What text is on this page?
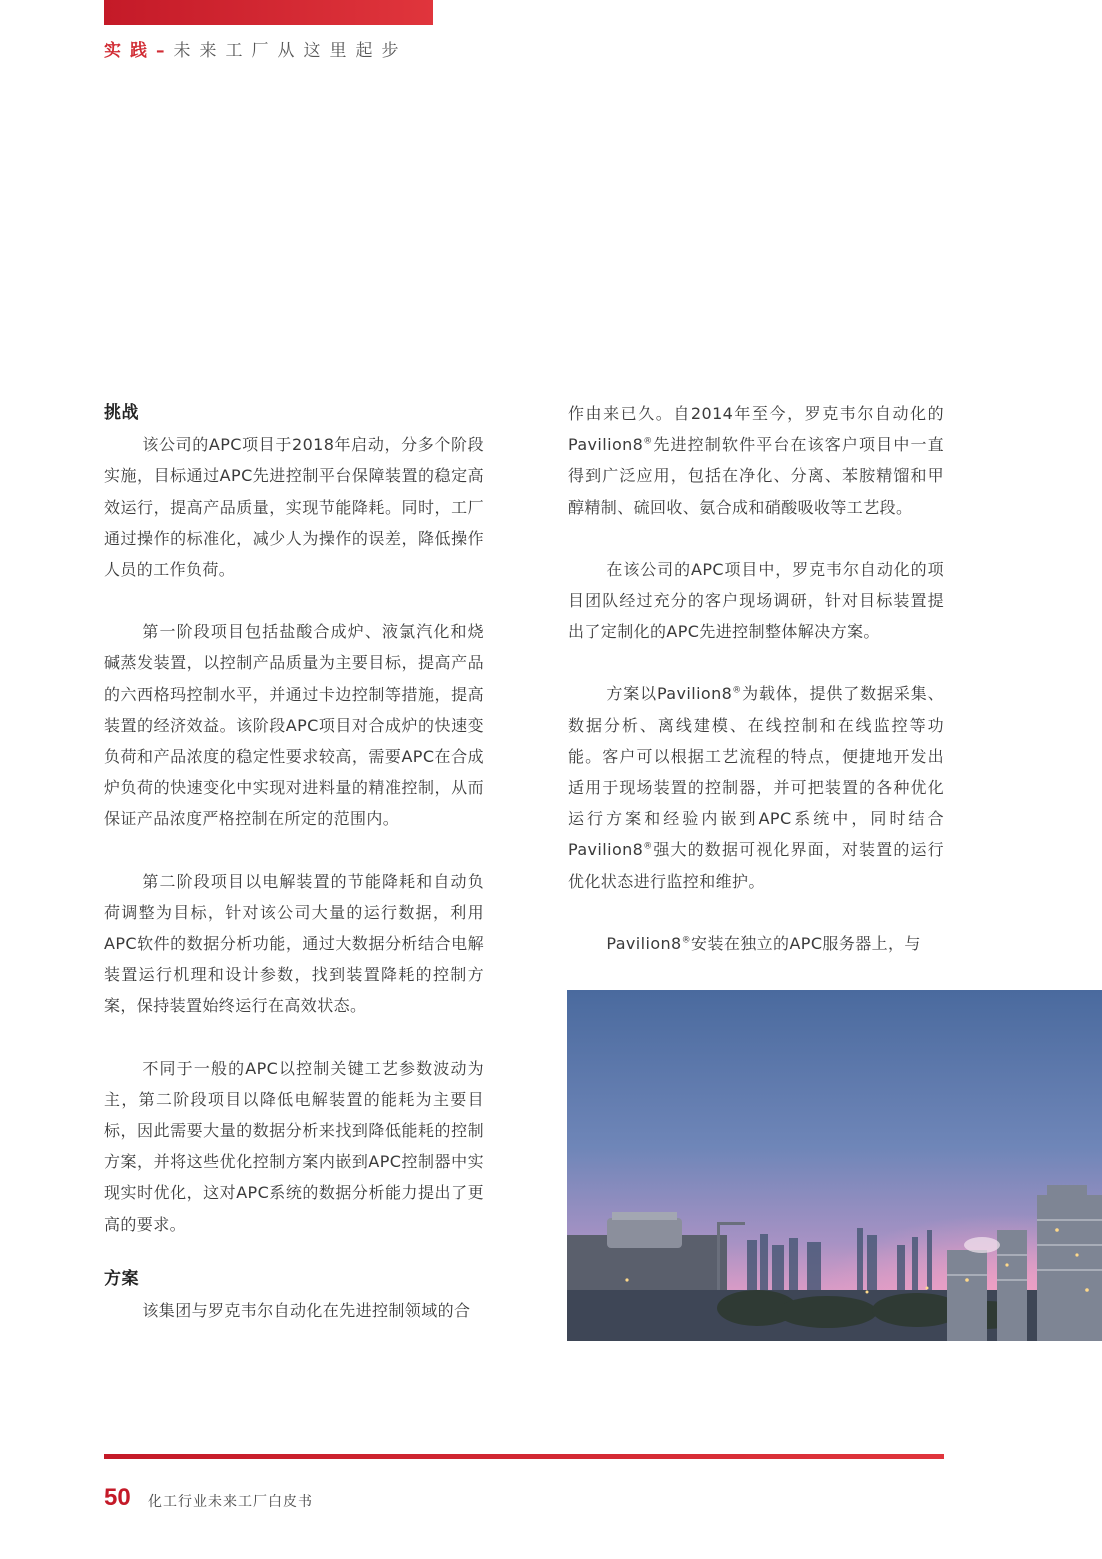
实践–未来工厂从这里起步
挑战

该公司的APC项目于2018年启动，分多个阶段实施，目标通过APC先进控制平台保障装置的稳定高效运行，提高产品质量，实现节能降耗。同时，工厂通过操作的标准化，减少人为操作的误差，降低操作人员的工作负荷。

第一阶段项目包括盐酸合成炉、液氯汽化和烧碱蒸发装置，以控制产品质量为主要目标，提高产品的六西格玛控制水平，并通过卡边控制等措施，提高装置的经济效益。该阶段APC项目对合成炉的快速变负荷和产品浓度的稳定性要求较高，需要APC在合成炉负荷的快速变化中实现对进料量的精准控制，从而保证产品浓度严格控制在所定的范围内。

第二阶段项目以电解装置的节能降耗和自动负荷调整为目标，针对该公司大量的运行数据，利用APC软件的数据分析功能，通过大数据分析结合电解装置运行机理和设计参数，找到装置降耗的控制方案，保持装置始终运行在高效状态。

不同于一般的APC以控制关键工艺参数波动为主，第二阶段项目以降低电解装置的能耗为主要目标，因此需要大量的数据分析来找到降低能耗的控制方案，并将这些优化控制方案内嵌到APC控制器中实现实时优化，这对APC系统的数据分析能力提出了更高的要求。

方案

该集团与罗克韦尔自动化在先进控制领域的合

作由来已久。自2014年至今，罗克韦尔自动化的Pavilion8®先进控制软件平台在该客户项目中一直得到广泛应用，包括在净化、分离、苯胺精馏和甲醇精制、硫回收、氨合成和硝酸吸收等工艺段。

在该公司的APC项目中，罗克韦尔自动化的项目团队经过充分的客户现场调研，针对目标装置提出了定制化的APC先进控制整体解决方案。

方案以Pavilion8®为载体，提供了数据采集、数据分析、离线建模、在线控制和在线监控等功能。客户可以根据工艺流程的特点，便捷地开发出适用于现场装置的控制器，并可把装置的各种优化运行方案和经验内嵌到APC系统中，同时结合Pavilion8®强大的数据可视化界面，对装置的运行优化状态进行监控和维护。

Pavilion8®安装在独立的APC服务器上，与

50 化工行业未来工厂白皮书
